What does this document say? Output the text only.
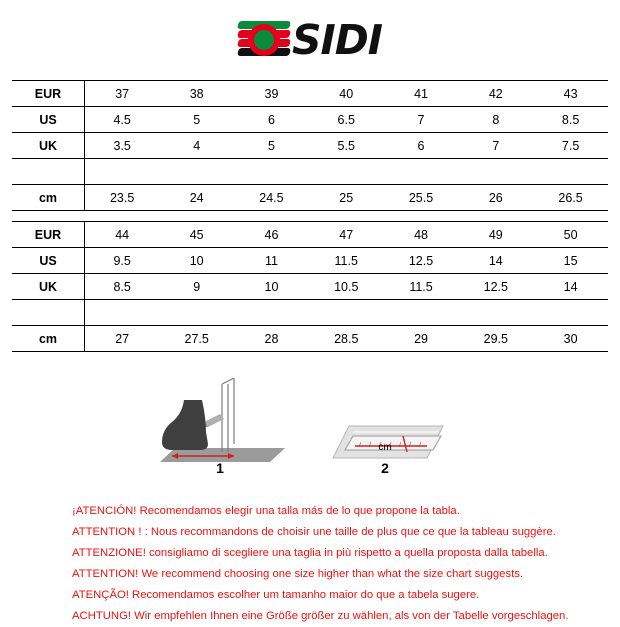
SIDI
EUR	37	38	39	40	41	42	43
US	4.5	5	6	6.5	7	8	8.5
UK	3.5	4	5	5.5	6	7	7.5

cm	23.5	24	24.5	25	25.5	26	26.5
EUR	44	45	46	47	48	49	50
US	9.5	10	11	11.5	12.5	14	15
UK	8.5	9	10	10.5	11.5	12.5	14

cm	27	27.5	28	28.5	29	29.5	30
cm
1	2
¡ATENCIÓN! Recomendamos elegir una talla más de lo que propone la tabla.
ATTENTION ! : Nous recommandons de choisir une taille de plus que ce que la tableau suggère.
ATTENZIONE! consigliamo di scegliere una taglia in più rispetto a quella proposta dalla tabella.
ATTENTION! We recommend choosing one size higher than what the size chart suggests.
ATENÇÃO! Recomendamos escolher um tamanho maior do que a tabela sugere.
ACHTUNG! Wir empfehlen Ihnen eine Größe größer zu wählen, als von der Tabelle vorgeschlagen.
